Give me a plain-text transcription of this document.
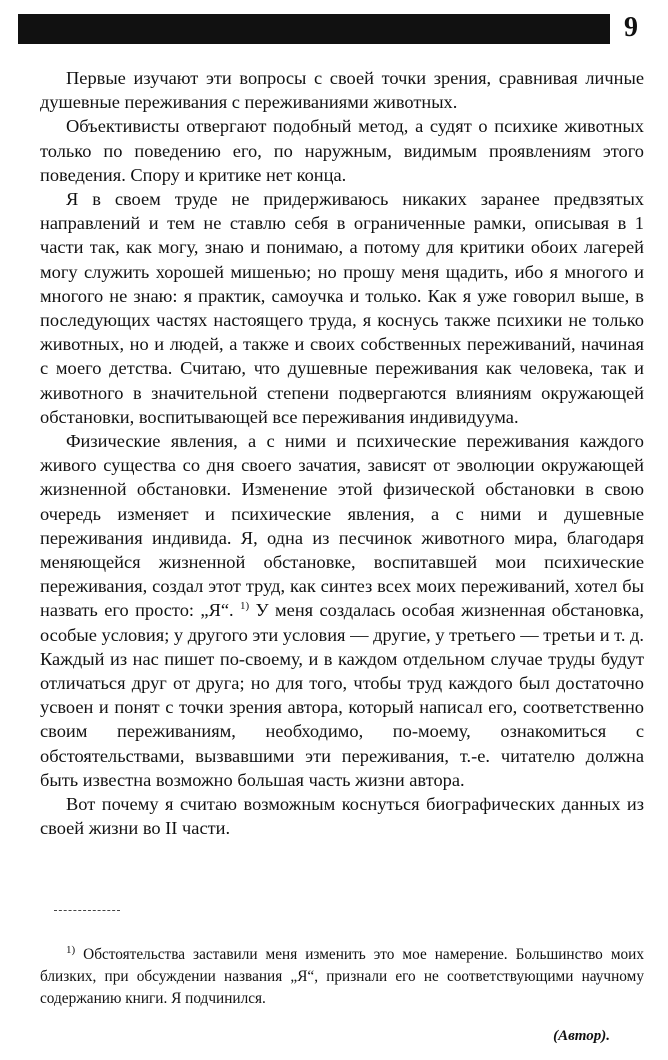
9

Первые изучают эти вопросы с своей точки зрения, сравнивая личные душевные переживания с переживаниями животных.

Объективисты отвергают подобный метод, а судят о психике животных только по поведению его, по наружным, видимым проявлениям этого поведения. Спору и критике нет конца.

Я в своем труде не придерживаюсь никаких заранее предвзятых направлений и тем не ставлю себя в ограниченные рамки, описывая в 1 части так, как могу, знаю и понимаю, а потому для критики обоих лагерей могу служить хорошей мишенью; но прошу меня щадить, ибо я многого и многого не знаю: я практик, самоучка и только. Как я уже говорил выше, в последующих частях настоящего труда, я коснусь также психики не только животных, но и людей, а также и своих собственных переживаний, начиная с моего детства. Считаю, что душевные переживания как человека, так и животного в значительной степени подвергаются влияниям окружающей обстановки, воспитывающей все переживания индивидуума.

Физические явления, а с ними и психические переживания каждого живого существа со дня своего зачатия, зависят от эволюции окружающей жизненной обстановки. Изменение этой физической обстановки в свою очередь изменяет и психические явления, а с ними и душевные переживания индивида. Я, одна из песчинок животного мира, благодаря меняющейся жизненной обстановке, воспитавшей мои психические переживания, создал этот труд, как синтез всех моих переживаний, хотел бы назвать его просто: „Я“. $^{1)}$ У меня создалась особая жизненная обстановка, особые условия; у другого эти условия — другие, у третьего — третьи и т. д. Каждый из нас пишет по-своему, и в каждом отдельном случае труды будут отличаться друг от друга; но для того, чтобы труд каждого был достаточно усвоен и понят с точки зрения автора, который написал его, соответственно своим переживаниям, необходимо, по-моему, ознакомиться с обстоятельствами, вызвавшими эти переживания, т.-е. читателю должна быть известна возможно большая часть жизни автора.

Вот почему я считаю возможным коснуться биографических данных из своей жизни во II части.

$^{1)}$ Обстоятельства заставили меня изменить это мое намерение. Большинство моих близких, при обсуждении названия „Я“, признали его не соответствующими научному содержанию книги. Я подчинился.

(Автор).
